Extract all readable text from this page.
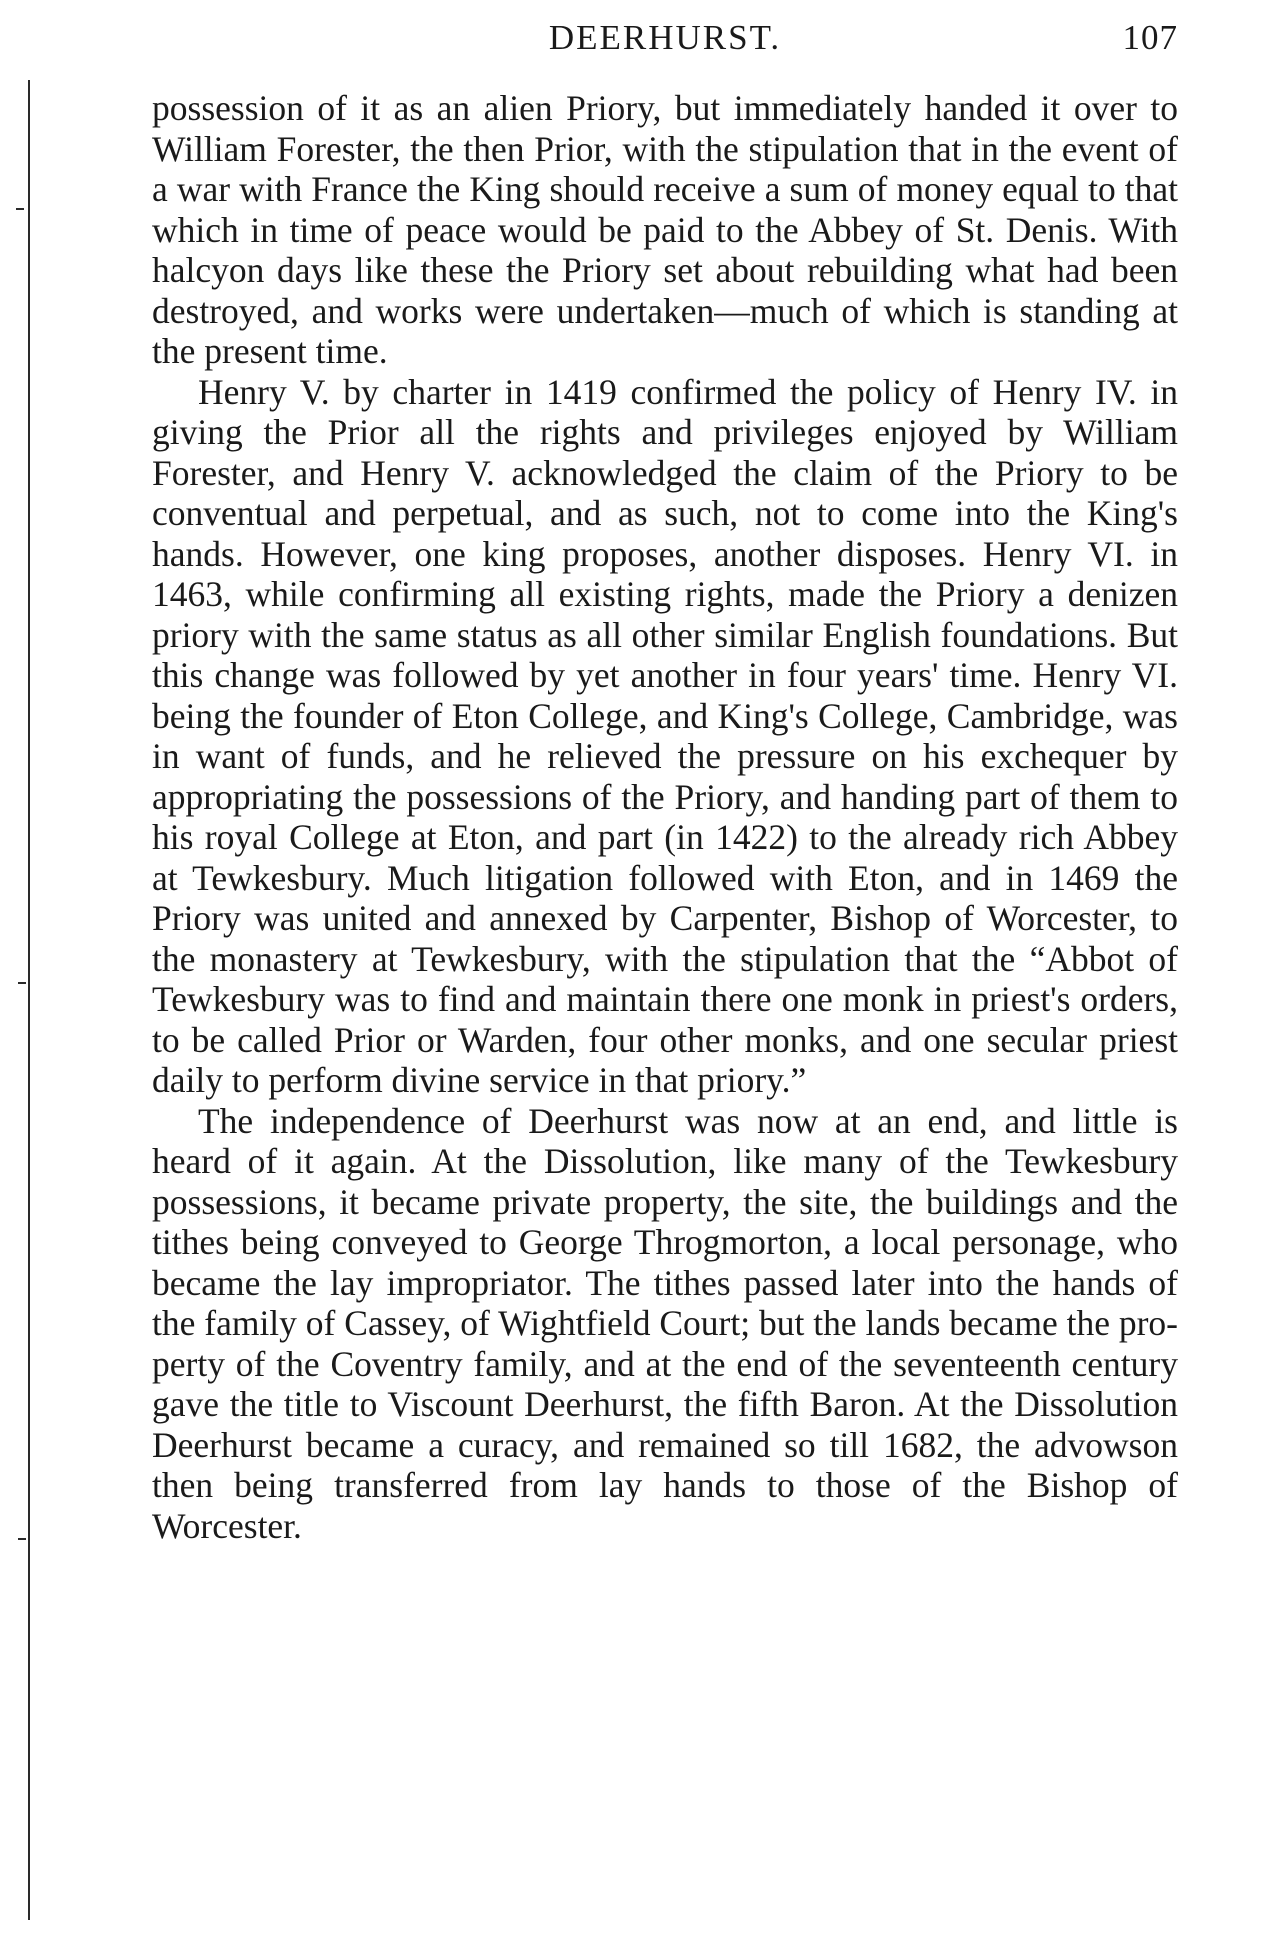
DEERHURST.	107

possession of it as an alien Priory, but immediately handed it over to William Forester, the then Prior, with the stipulation that in the event of a war with France the King should receive a sum of money equal to that which in time of peace would be paid to the Abbey of St. Denis. With halcyon days like these the Priory set about rebuilding what had been destroyed, and works were undertaken—much of which is standing at the present time.

Henry V. by charter in 1419 confirmed the policy of Henry IV. in giving the Prior all the rights and privileges enjoyed by William Forester, and Henry V. acknowledged the claim of the Priory to be conventual and perpetual, and as such, not to come into the King's hands. However, one king proposes, another disposes. Henry VI. in 1463, while confirming all existing rights, made the Priory a denizen priory with the same status as all other similar English foundations. But this change was followed by yet another in four years' time. Henry VI. being the founder of Eton College, and King's College, Cambridge, was in want of funds, and he relieved the pressure on his exchequer by appropriating the possessions of the Priory, and handing part of them to his royal College at Eton, and part (in 1422) to the already rich Abbey at Tewkesbury. Much litigation followed with Eton, and in 1469 the Priory was united and annexed by Carpenter, Bishop of Worcester, to the monastery at Tewkesbury, with the stipulation that the “Abbot of Tewkesbury was to find and maintain there one monk in priest's orders, to be called Prior or Warden, four other monks, and one secular priest daily to perform divine service in that priory.”

The independence of Deerhurst was now at an end, and little is heard of it again. At the Dissolution, like many of the Tewkesbury possessions, it became private property, the site, the buildings and the tithes being conveyed to George Throgmorton, a local personage, who became the lay impropriator. The tithes passed later into the hands of the family of Cassey, of Wightfield Court; but the lands became the property of the Coventry family, and at the end of the seventeenth century gave the title to Viscount Deerhurst, the fifth Baron. At the Dissolution Deerhurst became a curacy, and remained so till 1682, the advowson then being transferred from lay hands to those of the Bishop of Worcester.
